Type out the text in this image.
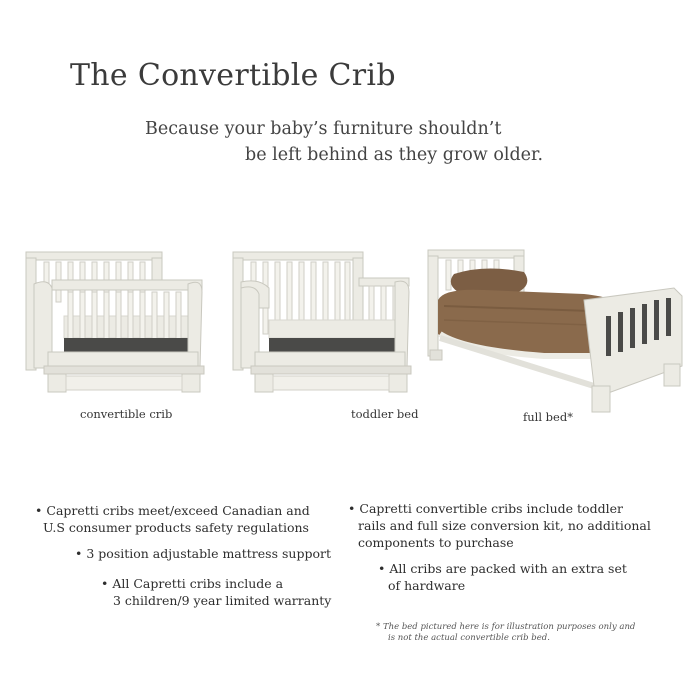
The Convertible Crib
Because your baby’s furniture shouldn’t
be left behind as they grow older.
convertible crib	toddler bed	full bed*
• Capretti cribs meet/exceed Canadian and
U.S consumer products safety regulations
• 3 position adjustable mattress support
• All Capretti cribs include a
3 children/9 year limited warranty
• Capretti convertible cribs include toddler
rails and full size conversion kit, no additional
components to purchase
• All cribs are packed with an extra set
of hardware
* The bed pictured here is for illustration purposes only and
is not the actual convertible crib bed.
